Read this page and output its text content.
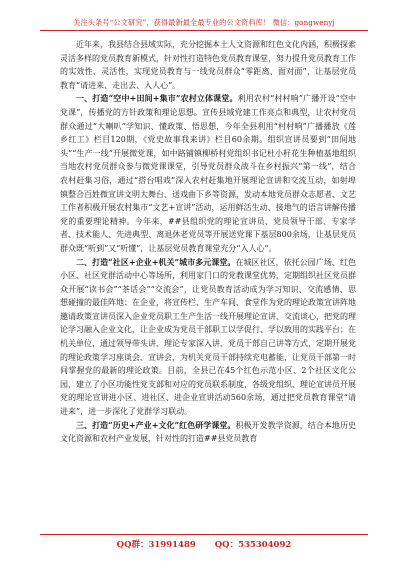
关注头条号“公文研究”，获得最新最全最专业的公文资料库！ 微信：gongwenyj

近年来，我县结合县域实际，充分挖掘本土人文资源和红色文化内涵，积极探索灵活多样的党员教育新模式，针对性打造特色党员教育课堂，努力提升党员教育工作的实效性、灵活性，实现党员教育与一线党员群众“零距离、面对面”，让基层党员教育“请进来、走出去、入人心”。

一、打造“空中+田间+集市”农村立体课堂。利用农村“村村响”广播开设“空中党课”，传播党的方针政策和理论思想。宣传县域党建工作亮点和典型，让农村党员群众通过“大喇叭”学知识、懂政策、悟思想，今年全县利用“村村响”广播播放《莲乡红工》栏目120期，《党史故事我来讲》栏目60余期。组织宣讲员要到“田间地头”“生产一线”开展微党课，如中路铺镇柳桥村党组织书记杜小籽花生种植基地组织当地农村党员群众参与微党课课堂，引导党员群众战斗在乡村振兴“第一线”，结合农村赶集习俗，通过“搭台唱戏”深入农村赶集地开展理论宣讲和交流互动，如射埠镇整合百姓微宣讲文明大舞台、送戏曲下乡等资源，发动本地党员群众志愿者、文艺工作者积极开展农村集市“文艺+宣讲”活动，运用鲜活生动、接地气的语言讲解传播党的重要理论精神。今年来，##县组织党的理论宣讲员、党员领导干部、专家学者、技术能人、先进典型、离退休老党员等开展送党课下基层800余场，让基层党员群众既“听到”又“听懂”，让基层党员教育课堂充分“入人心”。

二、打造“社区+企业+机关”城市多元课堂。在城区社区，依托公园广场、红色小区、社区党群活动中心等场所，利用家门口的党教课堂优势，定期组织社区党员群众开展“读书会”“茶话会”“交流会”，让党员教育活动成为学习知识、交流感情、思想碰撞的最佳阵地；在企业，将宣传栏、生产车间、食堂作为党的理论政策宣讲阵地邀请政策宣讲员深入企业党员职工生产生活一线开展理论宣讲、交流谈心，把党的理论学习融入企业文化，让企业成为党员干部职工以学促行、学以致用的实践平台；在机关单位，通过领导带头讲、理论专家深入讲、党员干部自己讲等方式，定期开展党的理论政策学习座谈会、宣讲会，为机关党员干部持续充电蓄能，让党员干部第一时间掌握党的最新的理论政策。目前，全县已在45个红色示范小区、2个社区文化公园，建立了小区功能性党支部和对应的党员联系制度，各级党组织、理论宣讲员开展党的理论宣讲进小区、进社区、进企业宣讲活动560余场，通过把党员教育课堂“请进来”，进一步深化了党群学习联动。

三、打造“历史+产业+文化”红色研学课堂。积极开发教学资源，结合本地历史文化资源和农村产业发展，针对性的打造##县党员教育

QQ群：31991489 QQ：535304092
